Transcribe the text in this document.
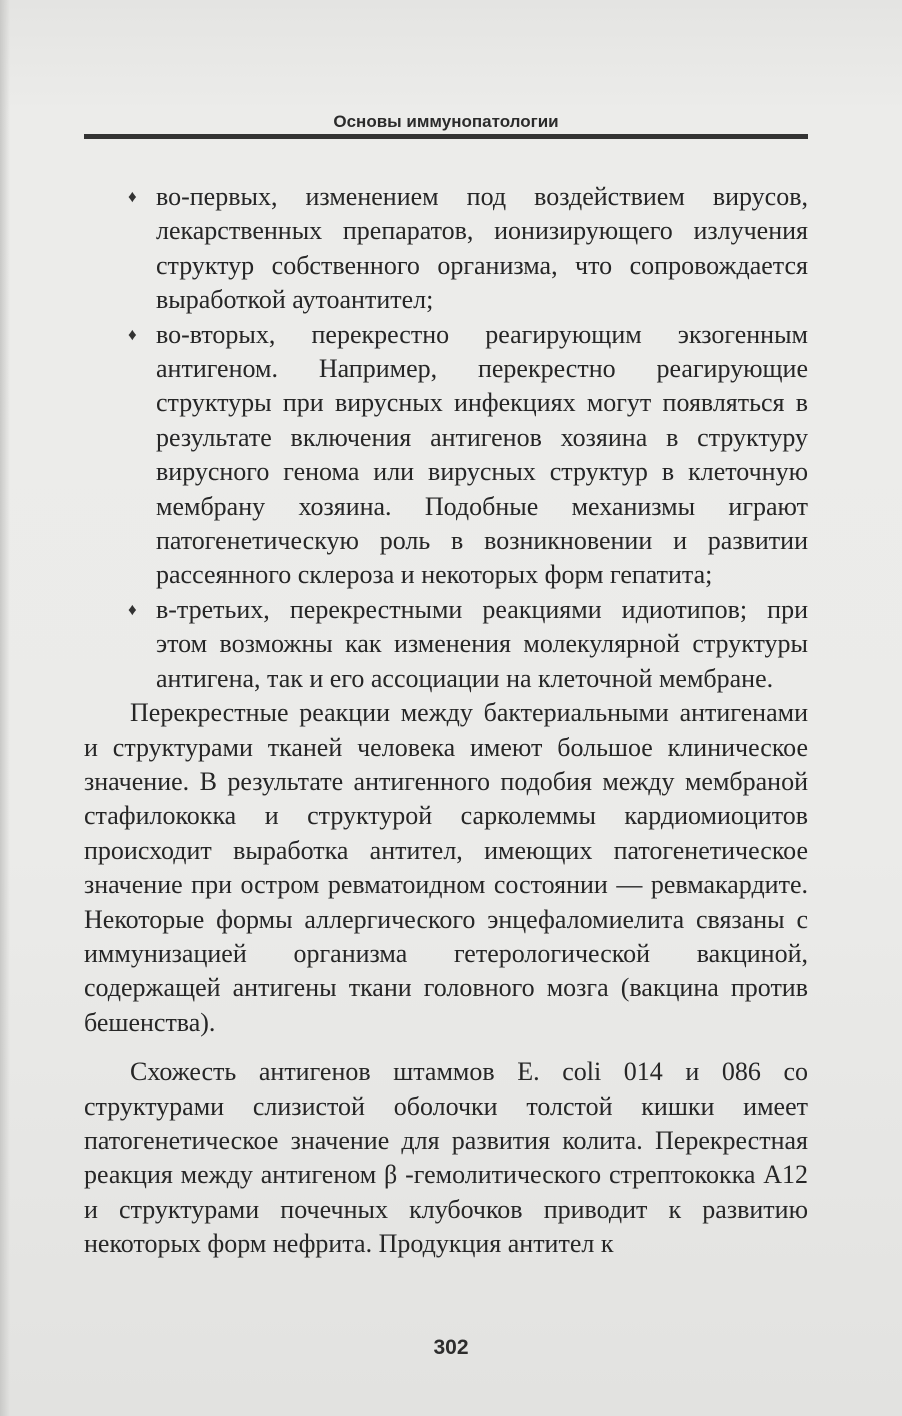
Основы иммунопатологии
♦ во-первых, изменением под воздействием вирусов, лекарственных препаратов, ионизирующего излучения структур собственного организма, что сопровождается выработкой аутоантител;
♦ во-вторых, перекрестно реагирующим экзогенным антигеном. Например, перекрестно реагирующие структуры при вирусных инфекциях могут появляться в результате включения антигенов хозяина в структуру вирусного генома или вирусных структур в клеточную мембрану хозяина. Подобные механизмы играют патогенетическую роль в возникновении и развитии рассеянного склероза и некоторых форм гепатита;
♦ в-третьих, перекрестными реакциями идиотипов; при этом возможны как изменения молекулярной структуры антигена, так и его ассоциации на клеточной мембране.

Перекрестные реакции между бактериальными антигенами и структурами тканей человека имеют большое клиническое значение. В результате антигенного подобия между мембраной стафилококка и структурой сарколеммы кардиомиоцитов происходит выработка антител, имеющих патогенетическое значение при остром ревматоидном состоянии — ревмакардите. Некоторые формы аллергического энцефаломиелита связаны с иммунизацией организма гетерологической вакциной, содержащей антигены ткани головного мозга (вакцина против бешенства).

Схожесть антигенов штаммов E. coli 014 и 086 со структурами слизистой оболочки толстой кишки имеет патогенетическое значение для развития колита. Перекрестная реакция между антигеном β -гемолитического стрептококка A12 и структурами почечных клубочков приводит к развитию некоторых форм нефрита. Продукция антител к

302
